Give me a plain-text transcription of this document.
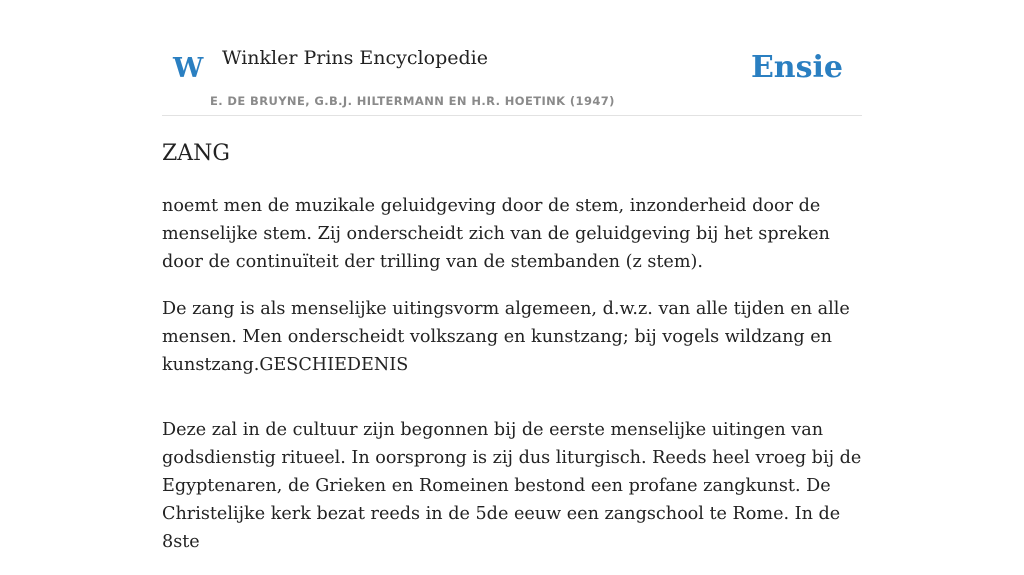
W Winkler Prins Encyclopedie
E. DE BRUYNE, G.B.J. HILTERMANN EN H.R. HOETINK (1947)
Ensie
ZANG

noemt men de muzikale geluidgeving door de stem, inzonderheid door de menselijke stem. Zij onderscheidt zich van de geluidgeving bij het spreken door de continuïteit der trilling van de stembanden (z stem).

De zang is als menselijke uitingsvorm algemeen, d.w.z. van alle tijden en alle mensen. Men onderscheidt volkszang en kunstzang; bij vogels wildzang en kunstzang.GESCHIEDENIS

Deze zal in de cultuur zijn begonnen bij de eerste menselijke uitingen van godsdienstig ritueel. In oorsprong is zij dus liturgisch. Reeds heel vroeg bij de Egyptenaren, de Grieken en Romeinen bestond een profane zangkunst. De Christelijke kerk bezat reeds in de 5de eeuw een zangschool te Rome. In de 8ste
